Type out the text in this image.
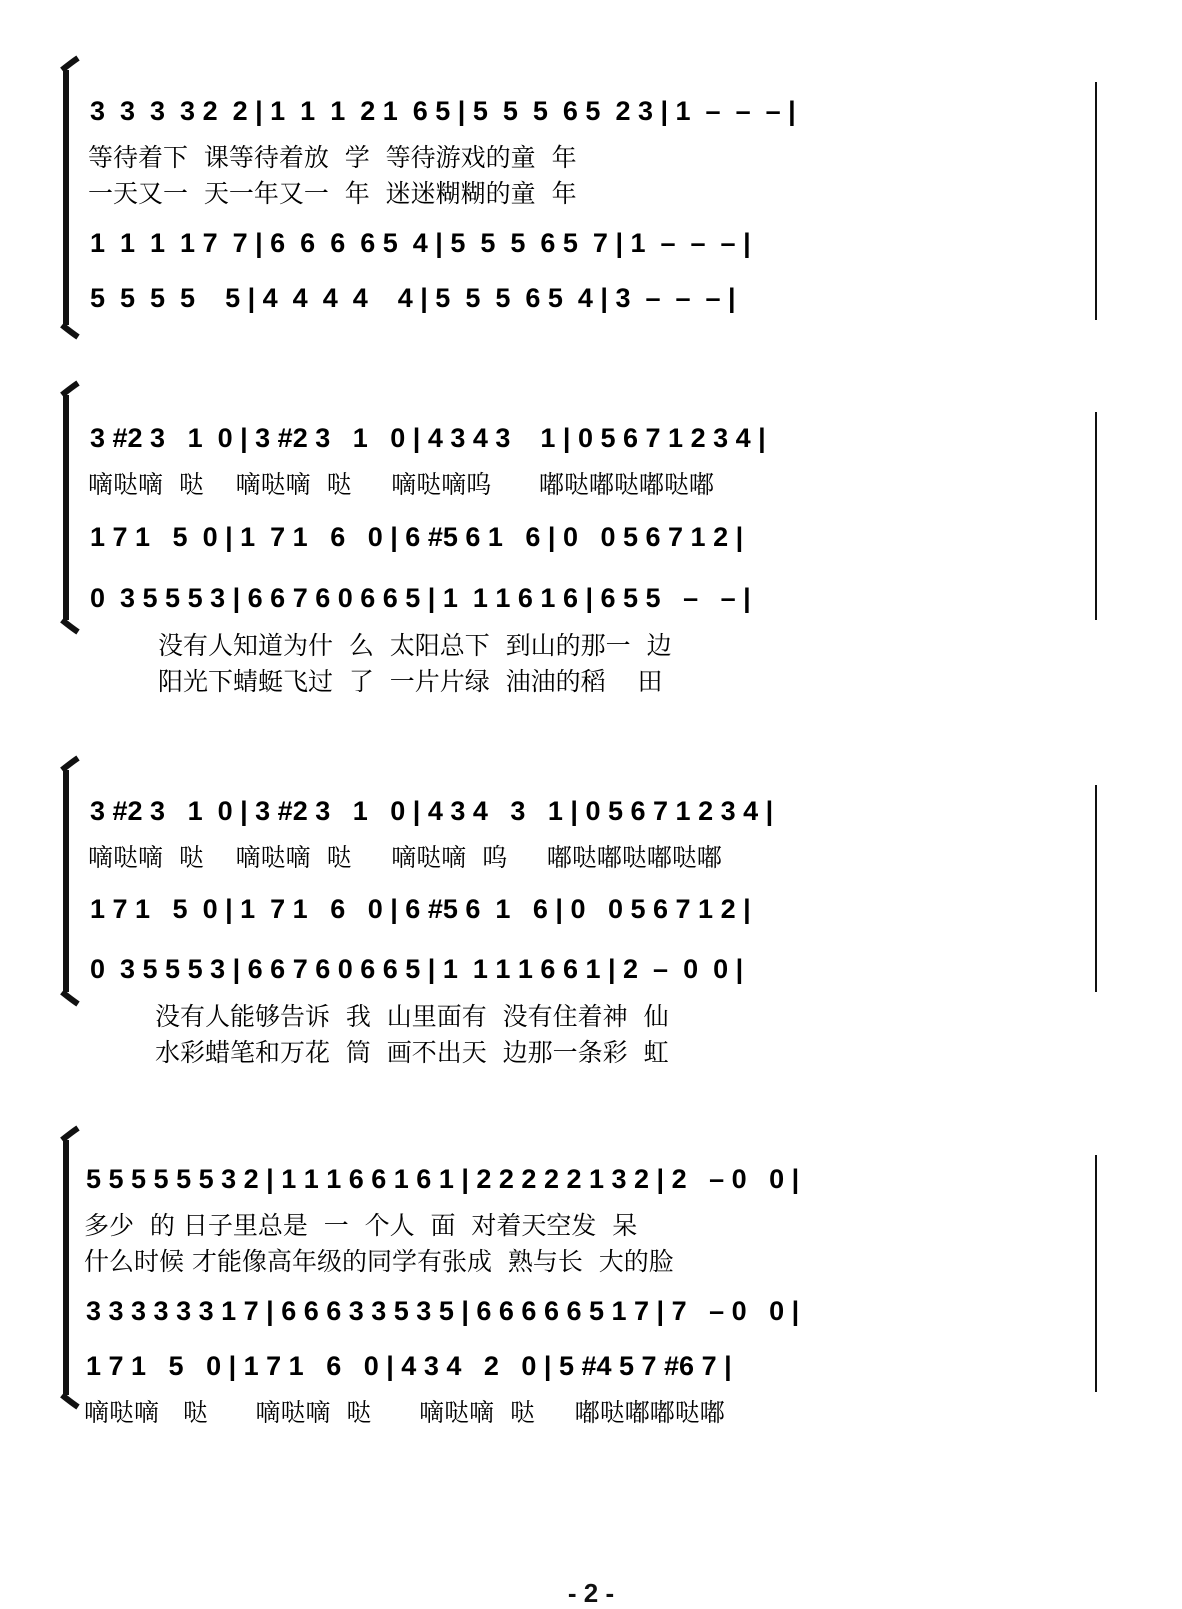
3  3  3  3 2  2 | 1  1  1  2 1  6 5 | 5  5  5  6 5  2 3 | 1  –  –  – |
等待着下  课等待着放  学  等待游戏的童  年
一天又一  天一年又一  年  迷迷糊糊的童  年
1  1  1  1 7  7 | 6  6  6  6 5  4 | 5  5  5  6 5  7 | 1  –  –  – |
5  5  5  5    5 | 4  4  4  4    4 | 5  5  5  6 5  4 | 3  –  –  – |
3 #2 3   1  0 | 3 #2 3   1   0 | 4 3 4 3    1 | 0 5 6 7 1 2 3 4 |
嘀哒嘀  哒    嘀哒嘀  哒     嘀哒嘀呜      嘟哒嘟哒嘟哒嘟
1 7 1   5  0 | 1  7 1   6   0 | 6 #5 6 1   6 | 0   0 5 6 7 1 2 |
0  3 5 5 5 3 | 6 6 7 6 0 6 6 5 | 1  1 1 6 1 6 | 6 5 5   –   – |
没有人知道为什  么  太阳总下  到山的那一  边
阳光下蜻蜓飞过  了  一片片绿  油油的稻    田
3 #2 3   1  0 | 3 #2 3   1   0 | 4 3 4   3   1 | 0 5 6 7 1 2 3 4 |
嘀哒嘀  哒    嘀哒嘀  哒     嘀哒嘀  呜     嘟哒嘟哒嘟哒嘟
1 7 1   5  0 | 1  7 1   6   0 | 6 #5 6  1   6 | 0   0 5 6 7 1 2 |
0  3 5 5 5 3 | 6 6 7 6 0 6 6 5 | 1  1 1 1 6 6 1 | 2  –  0  0 |
没有人能够告诉  我  山里面有  没有住着神  仙
水彩蜡笔和万花  筒  画不出天  边那一条彩  虹
5 5 5 5 5 5 3 2 | 1 1 1 6 6 1 6 1 | 2 2 2 2 2 1 3 2 | 2   – 0   0 |
多少  的 日子里总是  一  个人  面  对着天空发  呆
什么时候 才能像高年级的同学有张成  熟与长  大的脸
3 3 3 3 3 3 1 7 | 6 6 6 3 3 5 3 5 | 6 6 6 6 6 5 1 7 | 7   – 0   0 |
1 7 1   5   0 | 1 7 1   6   0 | 4 3 4   2   0 | 5 #4 5 7 #6 7 |
嘀哒嘀   哒      嘀哒嘀  哒      嘀哒嘀  哒     嘟哒嘟嘟哒嘟
- 2 -
